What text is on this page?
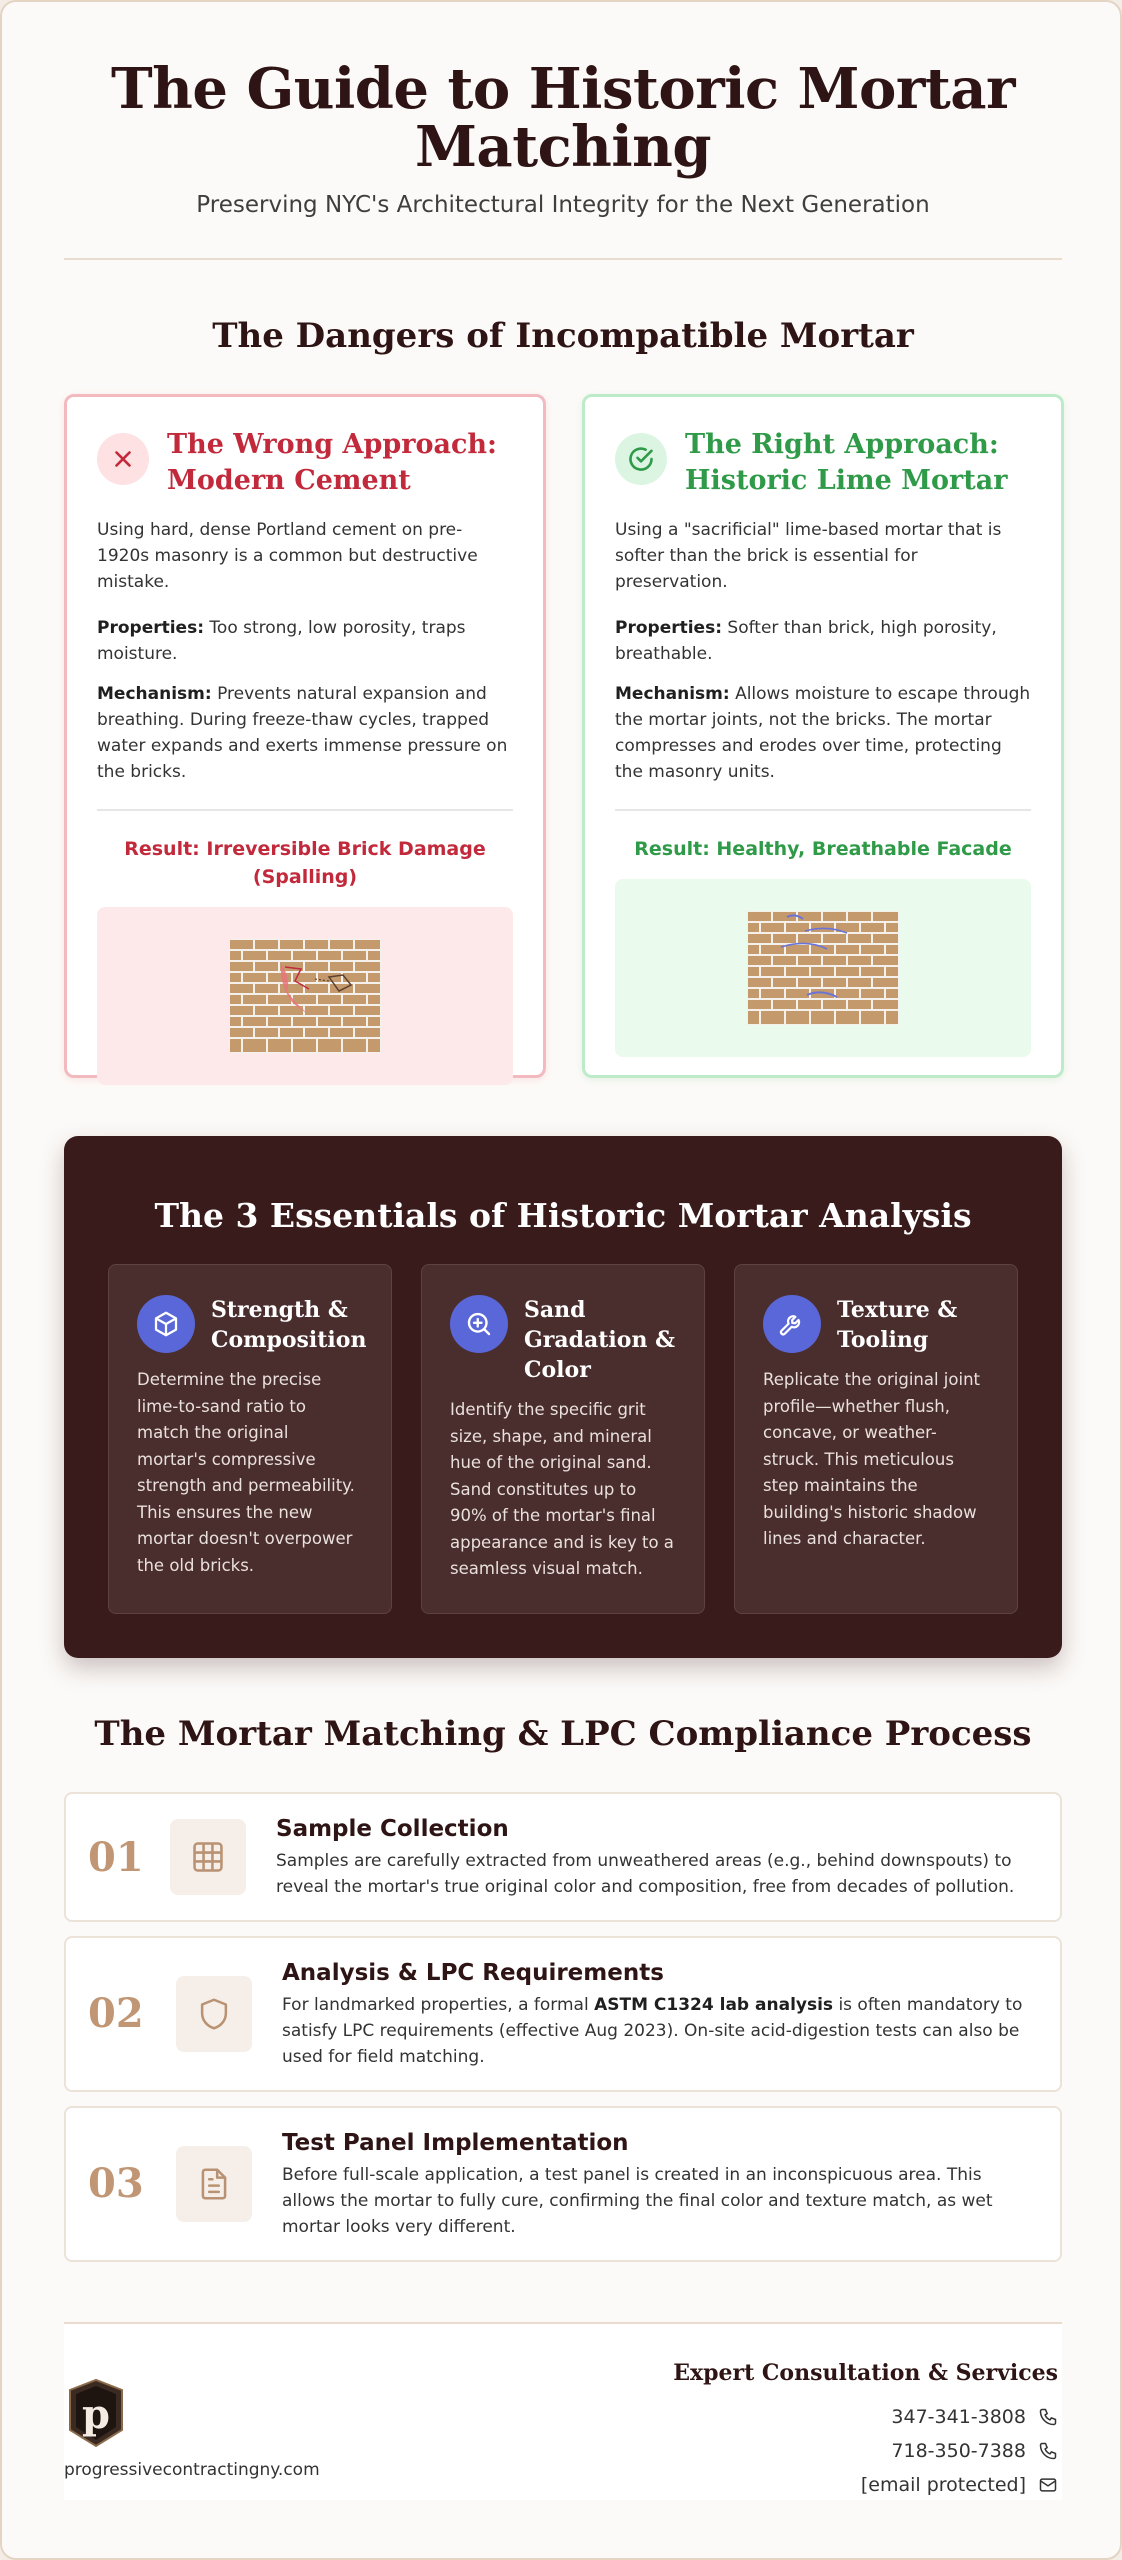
The Guide to Historic Mortar Matching
Preserving NYC's Architectural Integrity for the Next Generation
The Dangers of Incompatible Mortar
The Wrong Approach: Modern Cement

Using hard, dense Portland cement on pre-1920s masonry is a common but destructive mistake.

Properties: Too strong, low porosity, traps moisture.

Mechanism: Prevents natural expansion and breathing. During freeze-thaw cycles, trapped water expands and exerts immense pressure on the bricks.

Result: Irreversible Brick Damage (Spalling)
The Right Approach: Historic Lime Mortar

Using a "sacrificial" lime-based mortar that is softer than the brick is essential for preservation.

Properties: Softer than brick, high porosity, breathable.

Mechanism: Allows moisture to escape through the mortar joints, not the bricks. The mortar compresses and erodes over time, protecting the masonry units.

Result: Healthy, Breathable Facade
The 3 Essentials of Historic Mortar Analysis
Strength & Composition

Determine the precise lime-to-sand ratio to match the original mortar's compressive strength and permeability. This ensures the new mortar doesn't overpower the old bricks.

Sand Gradation & Color

Identify the specific grit size, shape, and mineral hue of the original sand. Sand constitutes up to 90% of the mortar's final appearance and is key to a seamless visual match.

Texture & Tooling

Replicate the original joint profile—whether flush, concave, or weather-struck. This meticulous step maintains the building's historic shadow lines and character.

The Mortar Matching & LPC Compliance Process
01
Sample Collection
Samples are carefully extracted from unweathered areas (e.g., behind downspouts) to reveal the mortar's true original color and composition, free from decades of pollution.
02
Analysis & LPC Requirements
For landmarked properties, a formal ASTM C1324 lab analysis is often mandatory to satisfy LPC requirements (effective Aug 2023). On-site acid-digestion tests can also be used for field matching.
03
Test Panel Implementation
Before full-scale application, a test panel is created in an inconspicuous area. This allows the mortar to fully cure, confirming the final color and texture match, as wet mortar looks very different.
p
progressivecontractingny.com
Expert Consultation & Services
347-341-3808
718-350-7388
[email protected]
